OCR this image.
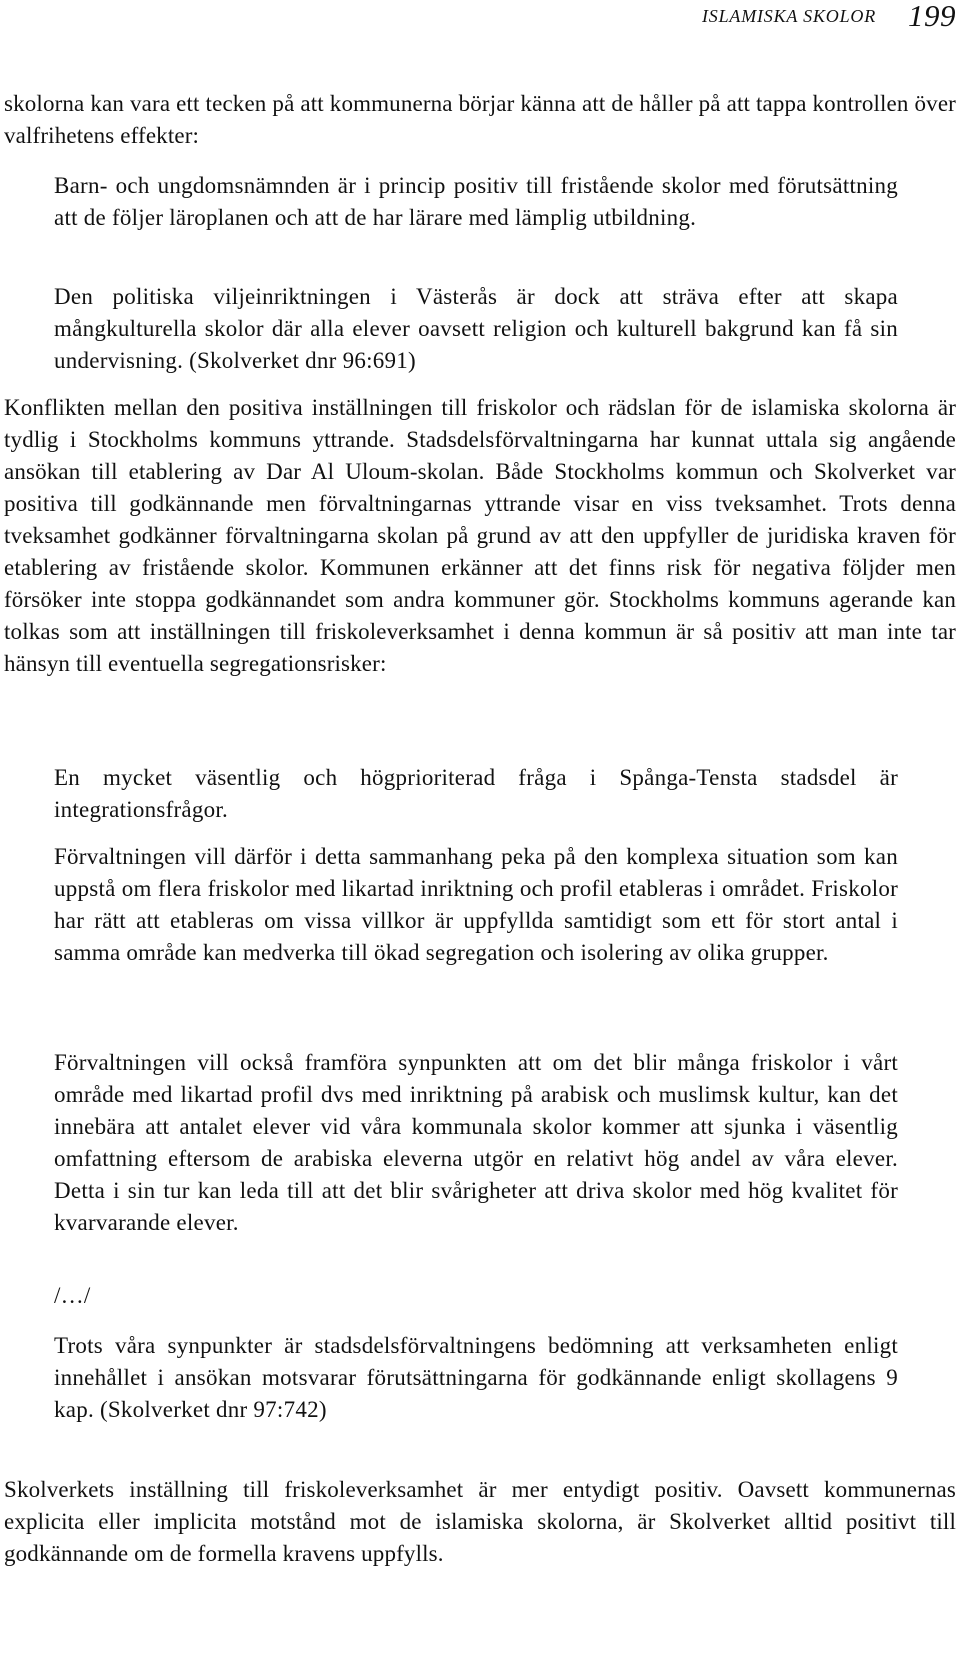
ISLAMISKA SKOLOR 199

skolorna kan vara ett tecken på att kommunerna börjar känna att de håller på att tappa kontrollen över valfrihetens effekter:

Barn- och ungdomsnämnden är i princip positiv till fristående skolor med förutsättning att de följer läroplanen och att de har lärare med lämplig utbildning.

Den politiska viljeinriktningen i Västerås är dock att sträva efter att skapa mångkulturella skolor där alla elever oavsett religion och kulturell bakgrund kan få sin undervisning. (Skolverket dnr 96:691)

Konflikten mellan den positiva inställningen till friskolor och rädslan för de islamiska skolorna är tydlig i Stockholms kommuns yttrande. Stadsdelsförvaltningarna har kunnat uttala sig angående ansökan till etablering av Dar Al Uloum-skolan. Både Stockholms kommun och Skolverket var positiva till godkännande men förvaltningarnas yttrande visar en viss tveksamhet. Trots denna tveksamhet godkänner förvaltningarna skolan på grund av att den uppfyller de juridiska kraven för etablering av fristående skolor. Kommunen erkänner att det finns risk för negativa följder men försöker inte stoppa godkännandet som andra kommuner gör. Stockholms kommuns agerande kan tolkas som att inställningen till friskoleverksamhet i denna kommun är så positiv att man inte tar hänsyn till eventuella segregationsrisker:

En mycket väsentlig och högprioriterad fråga i Spånga-Tensta stadsdel är integrationsfrågor.

Förvaltningen vill därför i detta sammanhang peka på den komplexa situation som kan uppstå om flera friskolor med likartad inriktning och profil etableras i området. Friskolor har rätt att etableras om vissa villkor är uppfyllda samtidigt som ett för stort antal i samma område kan medverka till ökad segregation och isolering av olika grupper.

Förvaltningen vill också framföra synpunkten att om det blir många friskolor i vårt område med likartad profil dvs med inriktning på arabisk och muslimsk kultur, kan det innebära att antalet elever vid våra kommunala skolor kommer att sjunka i väsentlig omfattning eftersom de arabiska eleverna utgör en relativt hög andel av våra elever. Detta i sin tur kan leda till att det blir svårigheter att driva skolor med hög kvalitet för kvarvarande elever.

/…/

Trots våra synpunkter är stadsdelsförvaltningens bedömning att verksamheten enligt innehållet i ansökan motsvarar förutsättningarna för godkännande enligt skollagens 9 kap. (Skolverket dnr 97:742)

Skolverkets inställning till friskoleverksamhet är mer entydigt positiv. Oavsett kommunernas explicita eller implicita motstånd mot de islamiska skolorna, är Skolverket alltid positivt till godkännande om de formella kravens uppfylls.
